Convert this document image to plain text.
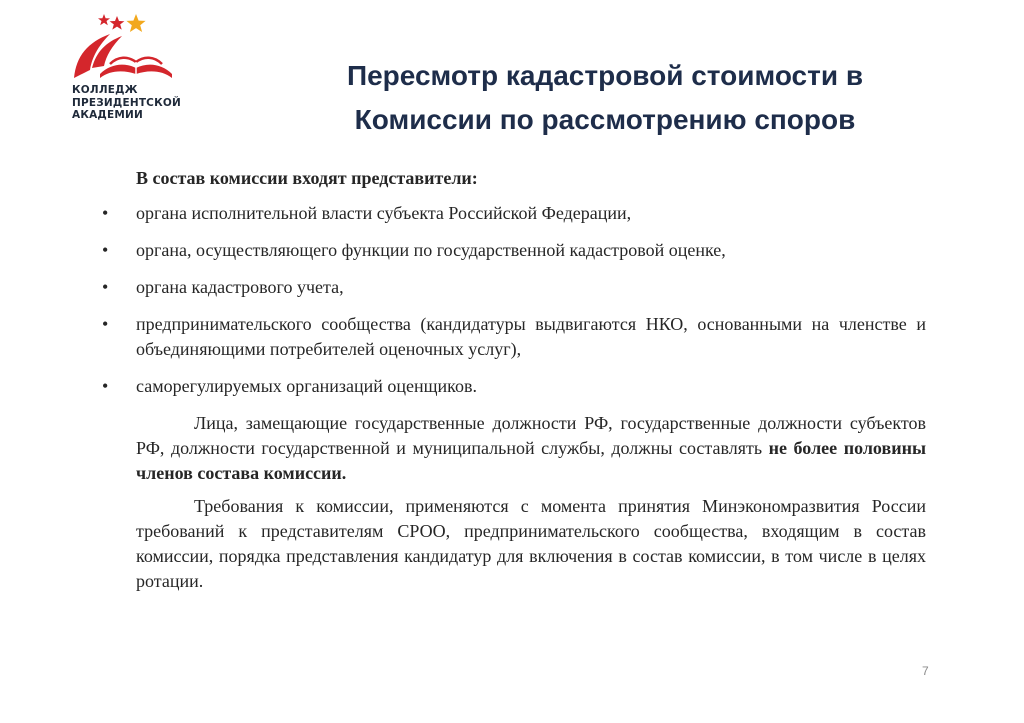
КОЛЛЕДЖ
ПРЕЗИДЕНТСКОЙ
АКАДЕМИИ
Пересмотр кадастровой стоимости в
Комиссии по рассмотрению споров
В состав комиссии входят представители:
• органа исполнительной власти субъекта Российской Федерации,
• органа, осуществляющего функции по государственной кадастровой оценке,
• органа кадастрового учета,
• предпринимательского сообщества (кандидатуры выдвигаются НКО, основанными на членстве и объединяющими потребителей оценочных услуг),
• саморегулируемых организаций оценщиков.

Лица, замещающие государственные должности РФ, государственные должности субъектов РФ, должности государственной и муниципальной службы, должны составлять не более половины членов состава комиссии.

Требования к комиссии, применяются с момента принятия Минэкономразвития России требований к представителям СРОО, предпринимательского сообщества, входящим в состав комиссии, порядка представления кандидатур для включения в состав комиссии, в том числе в целях ротации.

7
